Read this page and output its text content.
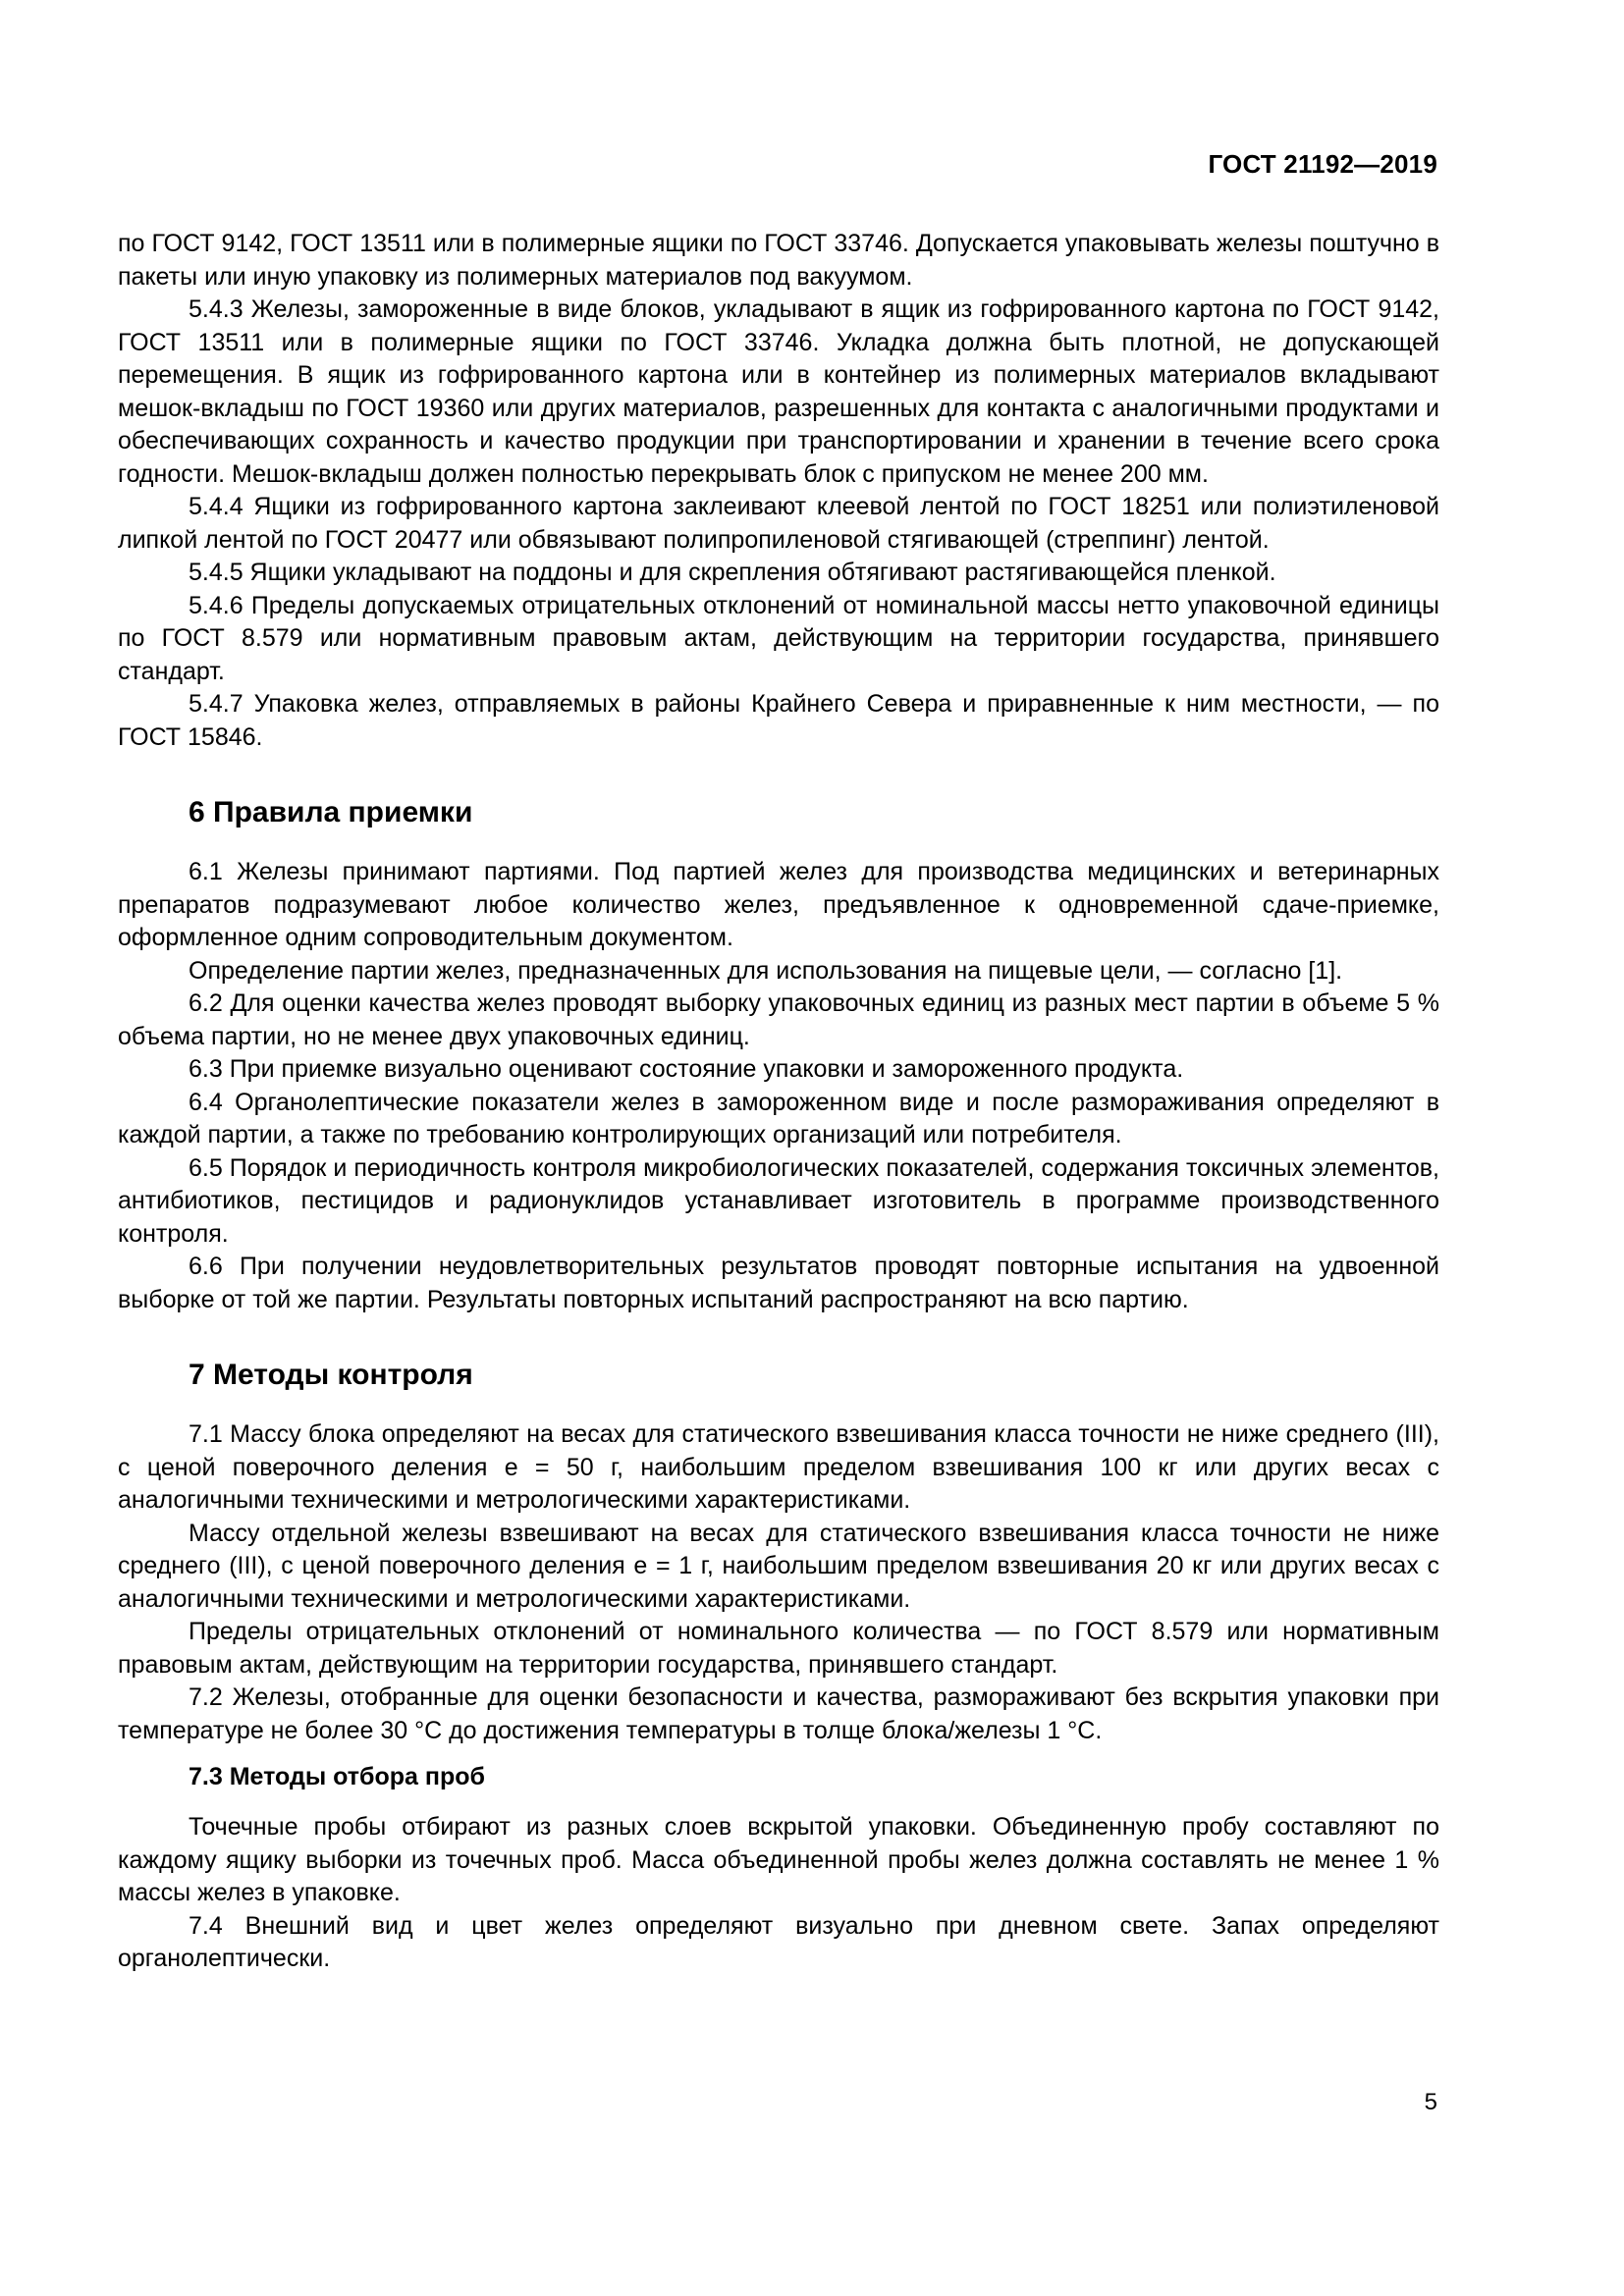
ГОСТ 21192—2019

по ГОСТ 9142, ГОСТ 13511 или в полимерные ящики по ГОСТ 33746. Допускается упаковывать железы поштучно в пакеты или иную упаковку из полимерных материалов под вакуумом.

5.4.3 Железы, замороженные в виде блоков, укладывают в ящик из гофрированного картона по ГОСТ 9142, ГОСТ 13511 или в полимерные ящики по ГОСТ 33746. Укладка должна быть плотной, не допускающей перемещения. В ящик из гофрированного картона или в контейнер из полимерных материалов вкладывают мешок-вкладыш по ГОСТ 19360 или других материалов, разрешенных для контакта с аналогичными продуктами и обеспечивающих сохранность и качество продукции при транспортировании и хранении в течение всего срока годности. Мешок-вкладыш должен полностью перекрывать блок с припуском не менее 200 мм.

5.4.4 Ящики из гофрированного картона заклеивают клеевой лентой по ГОСТ 18251 или полиэтиленовой липкой лентой по ГОСТ 20477 или обвязывают полипропиленовой стягивающей (стреппинг) лентой.

5.4.5 Ящики укладывают на поддоны и для скрепления обтягивают растягивающейся пленкой.

5.4.6 Пределы допускаемых отрицательных отклонений от номинальной массы нетто упаковочной единицы по ГОСТ 8.579 или нормативным правовым актам, действующим на территории государства, принявшего стандарт.

5.4.7 Упаковка желез, отправляемых в районы Крайнего Севера и приравненные к ним местности, — по ГОСТ 15846.

6 Правила приемки

6.1 Железы принимают партиями. Под партией желез для производства медицинских и ветеринарных препаратов подразумевают любое количество желез, предъявленное к одновременной сдаче-приемке, оформленное одним сопроводительным документом.

Определение партии желез, предназначенных для использования на пищевые цели, — согласно [1].

6.2 Для оценки качества желез проводят выборку упаковочных единиц из разных мест партии в объеме 5 % объема партии, но не менее двух упаковочных единиц.

6.3 При приемке визуально оценивают состояние упаковки и замороженного продукта.

6.4 Органолептические показатели желез в замороженном виде и после размораживания определяют в каждой партии, а также по требованию контролирующих организаций или потребителя.

6.5 Порядок и периодичность контроля микробиологических показателей, содержания токсичных элементов, антибиотиков, пестицидов и радионуклидов устанавливает изготовитель в программе производственного контроля.

6.6 При получении неудовлетворительных результатов проводят повторные испытания на удвоенной выборке от той же партии. Результаты повторных испытаний распространяют на всю партию.

7 Методы контроля

7.1 Массу блока определяют на весах для статического взвешивания класса точности не ниже среднего (III), с ценой поверочного деления e = 50 г, наибольшим пределом взвешивания 100 кг или других весах с аналогичными техническими и метрологическими характеристиками.

Массу отдельной железы взвешивают на весах для статического взвешивания класса точности не ниже среднего (III), с ценой поверочного деления e = 1 г, наибольшим пределом взвешивания 20 кг или других весах с аналогичными техническими и метрологическими характеристиками.

Пределы отрицательных отклонений от номинального количества — по ГОСТ 8.579 или нормативным правовым актам, действующим на территории государства, принявшего стандарт.

7.2 Железы, отобранные для оценки безопасности и качества, размораживают без вскрытия упаковки при температуре не более 30 °С до достижения температуры в толще блока/железы 1 °С.

7.3 Методы отбора проб

Точечные пробы отбирают из разных слоев вскрытой упаковки. Объединенную пробу составляют по каждому ящику выборки из точечных проб. Масса объединенной пробы желез должна составлять не менее 1 % массы желез в упаковке.

7.4 Внешний вид и цвет желез определяют визуально при дневном свете. Запах определяют органолептически.

5
